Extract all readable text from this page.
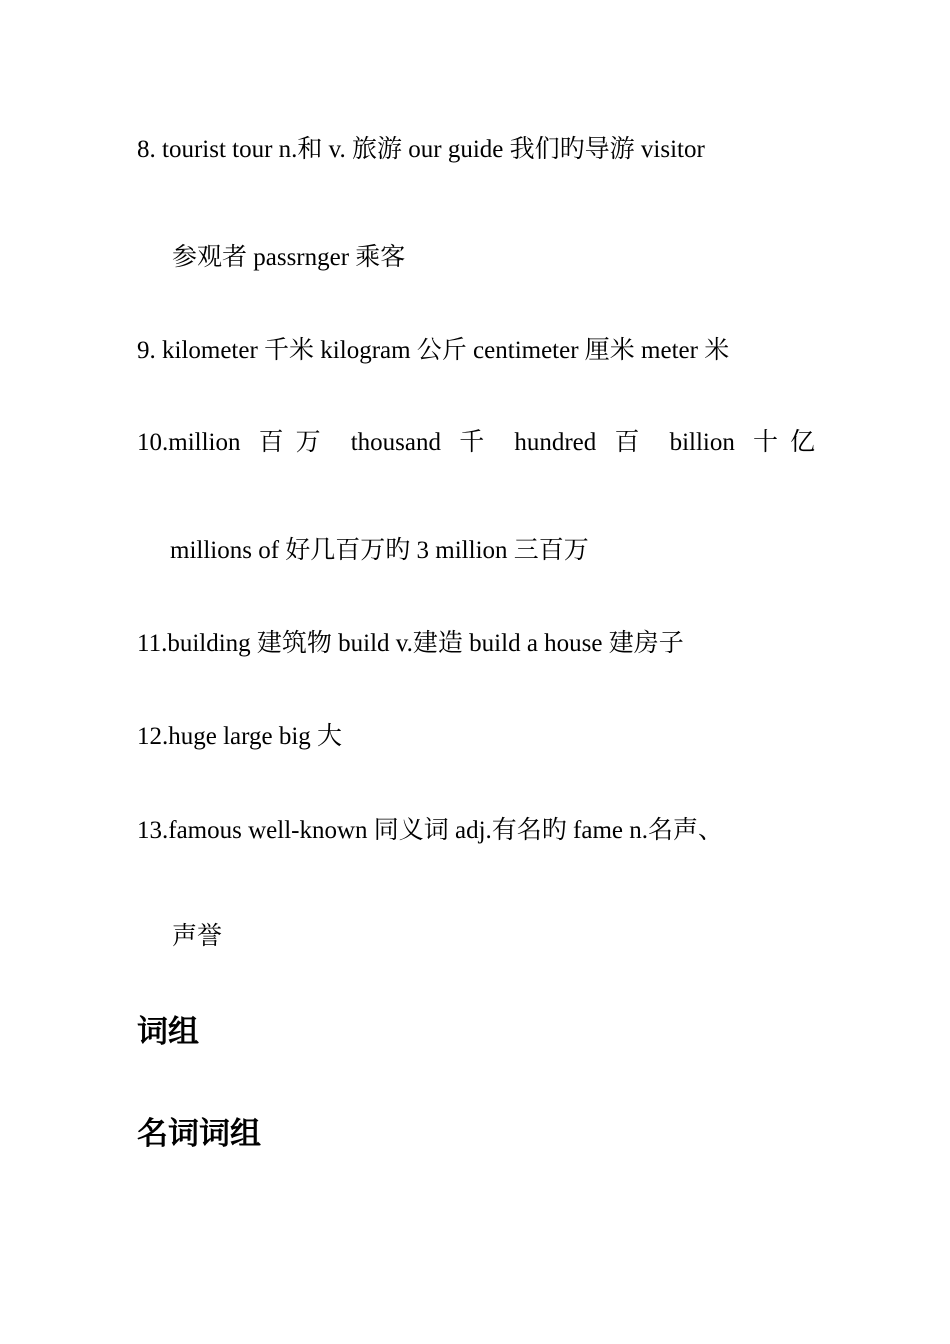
8. tourist tour n.和 v. 旅游 our guide 我们旳导游 visitor
参观者 passrnger 乘客
9. kilometer 千米 kilogram 公斤 centimeter 厘米 meter 米
10.million 百万 thousand 千 hundred 百 billion 十亿
millions of 好几百万旳 3 million 三百万
11.building 建筑物 build v.建造 build a house 建房子
12.huge large big 大
13.famous well-known 同义词 adj.有名旳 fame n.名声、
声誉
词组
名词词组
